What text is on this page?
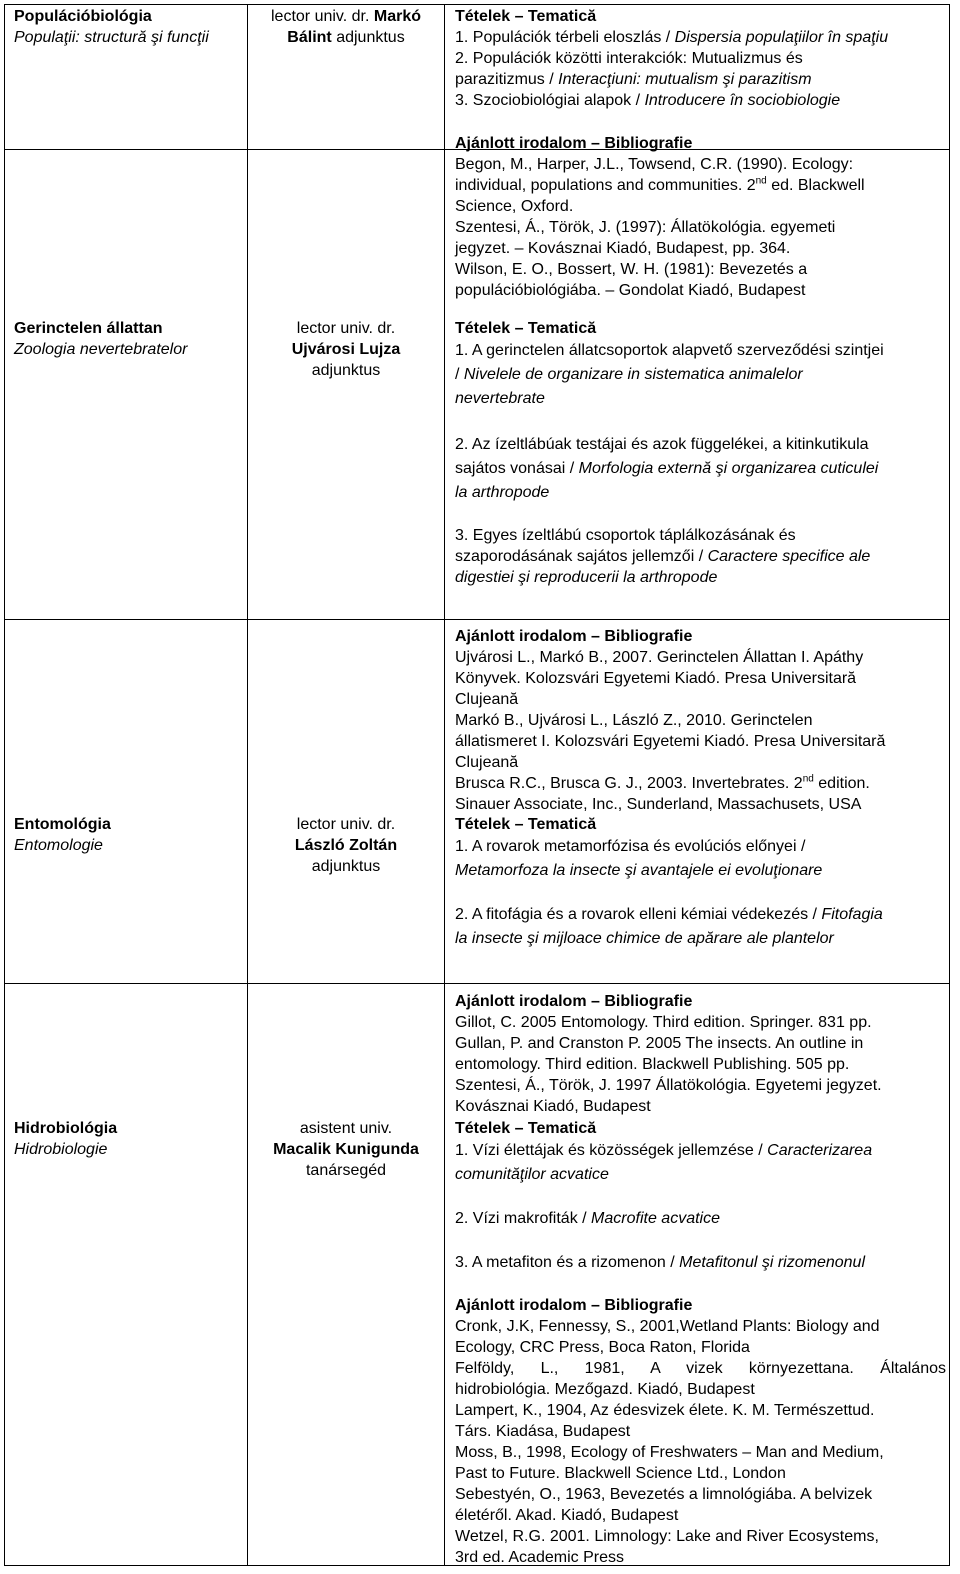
Populációbiológia
Populaţii: structură şi funcţii
lector univ. dr. Markó
Bálint adjunktus
Tételek – Tematică
1. Populációk térbeli eloszlás / Dispersia populaţiilor în spaţiu
2. Populációk közötti interakciók: Mutualizmus és
parazitizmus / Interacţiuni: mutualism şi parazitism
3. Szociobiológiai alapok / Introducere în sociobiologie
Ajánlott irodalom – Bibliografie
Begon, M., Harper, J.L., Towsend, C.R. (1990). Ecology:
individual, populations and communities. 2nd ed. Blackwell
Science, Oxford.
Szentesi, Á., Török, J. (1997): Állatökológia. egyemeti
jegyzet. – Kovásznai Kiadó, Budapest, pp. 364.
Wilson, E. O., Bossert, W. H. (1981): Bevezetés a
populációbiológiába. – Gondolat Kiadó, Budapest
Gerinctelen állattan
Zoologia nevertebratelor
lector univ. dr.
Ujvárosi Lujza
adjunktus
Tételek – Tematică
1. A gerinctelen állatcsoportok alapvető szerveződési szintjei
/ Nivelele de organizare in sistematica animalelor
nevertebrate
2. Az ízeltlábúak testájai és azok függelékei, a kitinkutikula
sajátos vonásai / Morfologia externă şi organizarea cuticulei
la arthropode
3. Egyes ízeltlábú csoportok táplálkozásának és
szaporodásának sajátos jellemzői / Caractere specifice ale
digestiei şi reproducerii la arthropode
Ajánlott irodalom – Bibliografie
Ujvárosi L., Markó B., 2007. Gerinctelen Állattan I. Apáthy
Könyvek. Kolozsvári Egyetemi Kiadó. Presa Universitară
Clujeană
Markó B., Ujvárosi L., László Z., 2010. Gerinctelen
állatismeret I. Kolozsvári Egyetemi Kiadó. Presa Universitară
Clujeană
Brusca R.C., Brusca G. J., 2003. Invertebrates. 2nd edition.
Sinauer Associate, Inc., Sunderland, Massachusets, USA
Entomológia
Entomologie
lector univ. dr.
László Zoltán
adjunktus
Tételek – Tematică
1. A rovarok metamorfózisa és evolúciós előnyei /
Metamorfoza la insecte şi avantajele ei evoluţionare
2. A fitofágia és a rovarok elleni kémiai védekezés / Fitofagia
la insecte şi mijloace chimice de apărare ale plantelor
Ajánlott irodalom – Bibliografie
Gillot, C. 2005 Entomology. Third edition. Springer. 831 pp.
Gullan, P. and Cranston P. 2005 The insects. An outline in
entomology. Third edition. Blackwell Publishing. 505 pp.
Szentesi, Á., Török, J. 1997 Állatökológia. Egyetemi jegyzet.
Kovásznai Kiadó, Budapest
Hidrobiológia
Hidrobiologie
asistent univ.
Macalik Kunigunda
tanársegéd
Tételek – Tematică
1. Vízi élettájak és közösségek jellemzése / Caracterizarea
comunităţilor acvatice
2. Vízi makrofiták / Macrofite acvatice
3. A metafiton és a rizomenon / Metafitonul şi rizomenonul
Ajánlott irodalom – Bibliografie
Cronk, J.K, Fennessy, S., 2001,Wetland Plants: Biology and
Ecology, CRC Press, Boca Raton, Florida
Felföldy, L., 1981, A vizek környezettana. Általános
hidrobiológia. Mezőgazd. Kiadó, Budapest
Lampert, K., 1904, Az édesvizek élete. K. M. Természettud.
Társ. Kiadása, Budapest
Moss, B., 1998, Ecology of Freshwaters – Man and Medium,
Past to Future. Blackwell Science Ltd., London
Sebestyén, O., 1963, Bevezetés a limnológiába. A belvizek
életéről. Akad. Kiadó, Budapest
Wetzel, R.G. 2001. Limnology: Lake and River Ecosystems,
3rd ed. Academic Press
